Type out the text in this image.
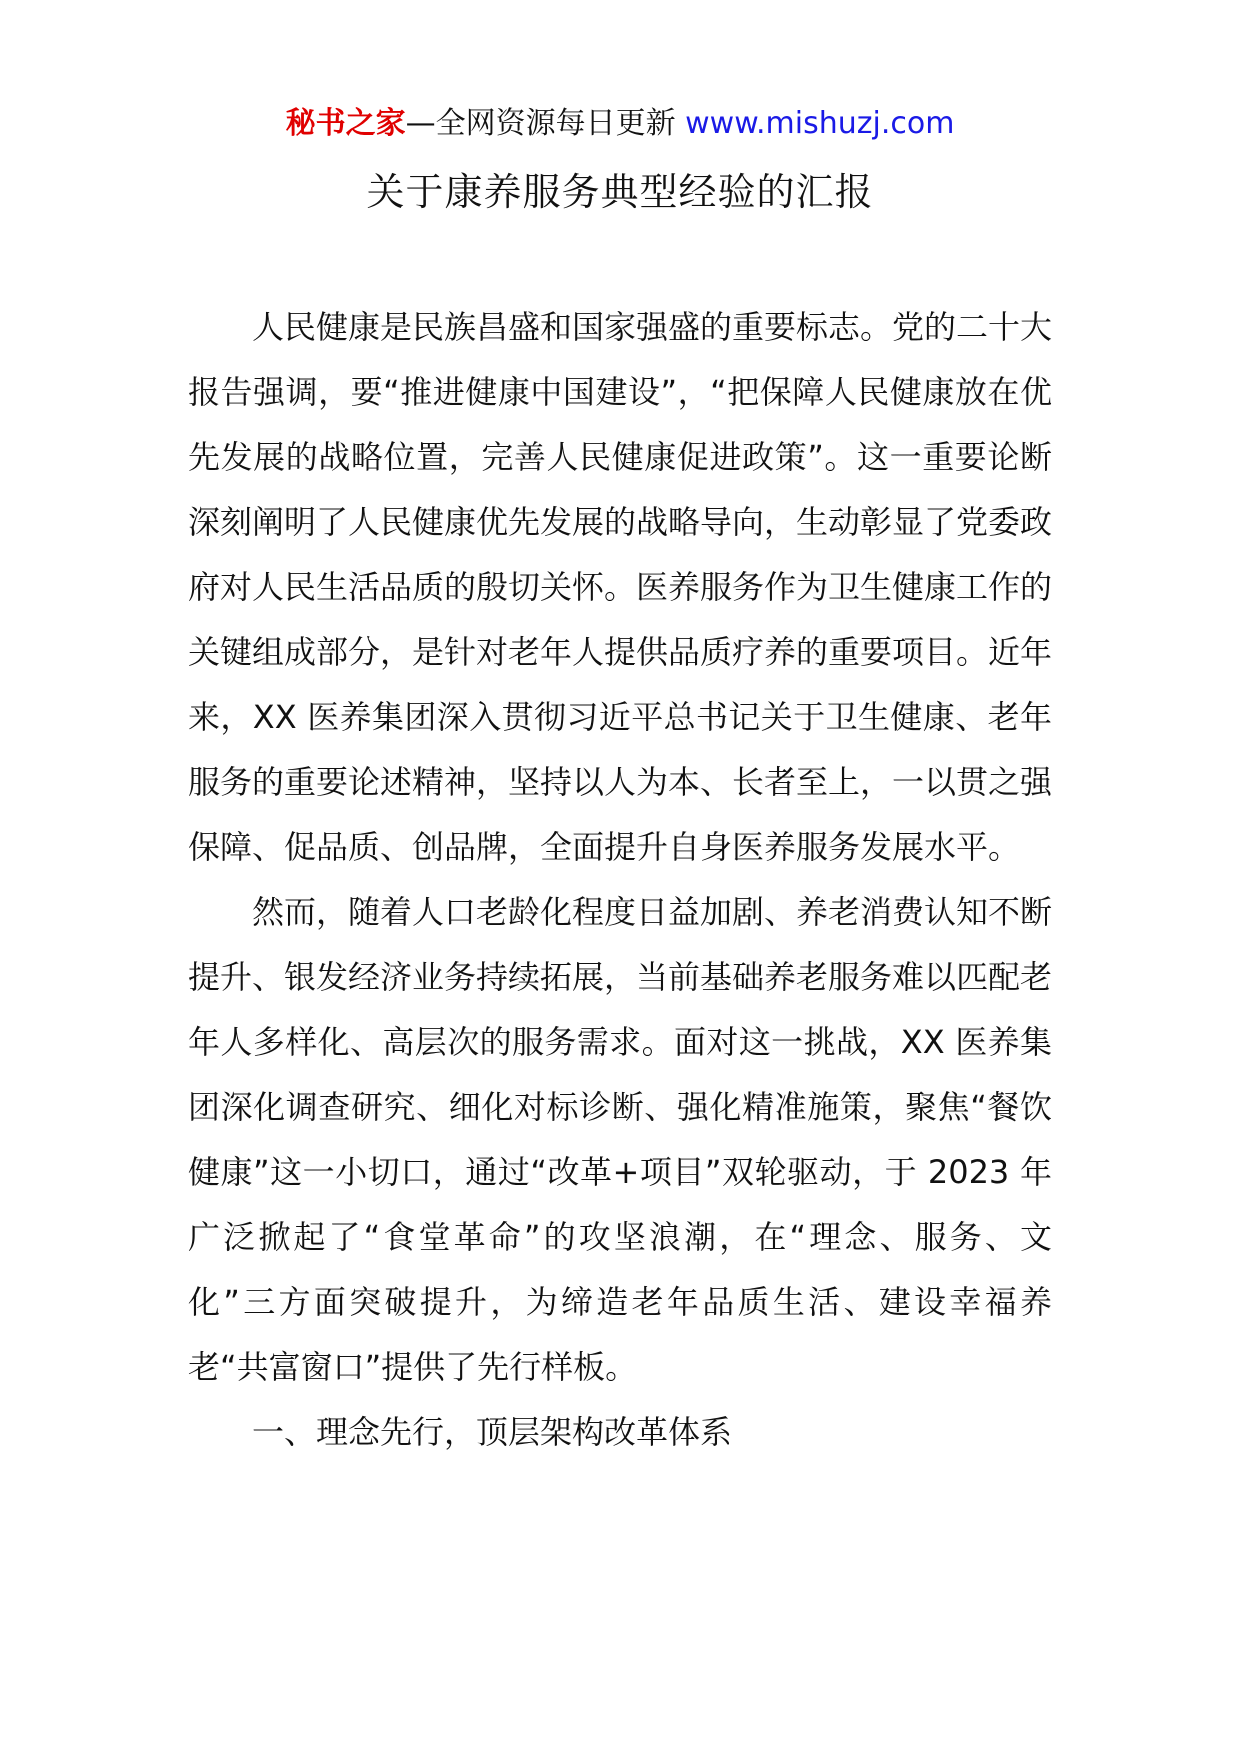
秘书之家—全网资源每日更新 www.mishuzj.com
关于康养服务典型经验的汇报

人民健康是民族昌盛和国家强盛的重要标志。党的二十大报告强调，要“推进健康中国建设”，“把保障人民健康放在优先发展的战略位置，完善人民健康促进政策”。这一重要论断深刻阐明了人民健康优先发展的战略导向，生动彰显了党委政府对人民生活品质的殷切关怀。医养服务作为卫生健康工作的关键组成部分，是针对老年人提供品质疗养的重要项目。近年来，XX 医养集团深入贯彻习近平总书记关于卫生健康、老年服务的重要论述精神，坚持以人为本、长者至上，一以贯之强保障、促品质、创品牌，全面提升自身医养服务发展水平。

然而，随着人口老龄化程度日益加剧、养老消费认知不断提升、银发经济业务持续拓展，当前基础养老服务难以匹配老年人多样化、高层次的服务需求。面对这一挑战，XX 医养集团深化调查研究、细化对标诊断、强化精准施策，聚焦“餐饮健康”这一小切口，通过“改革+项目”双轮驱动，于 2023 年广泛掀起了“食堂革命”的攻坚浪潮，在“理念、服务、文化”三方面突破提升，为缔造老年品质生活、建设幸福养老“共富窗口”提供了先行样板。

一、理念先行，顶层架构改革体系
